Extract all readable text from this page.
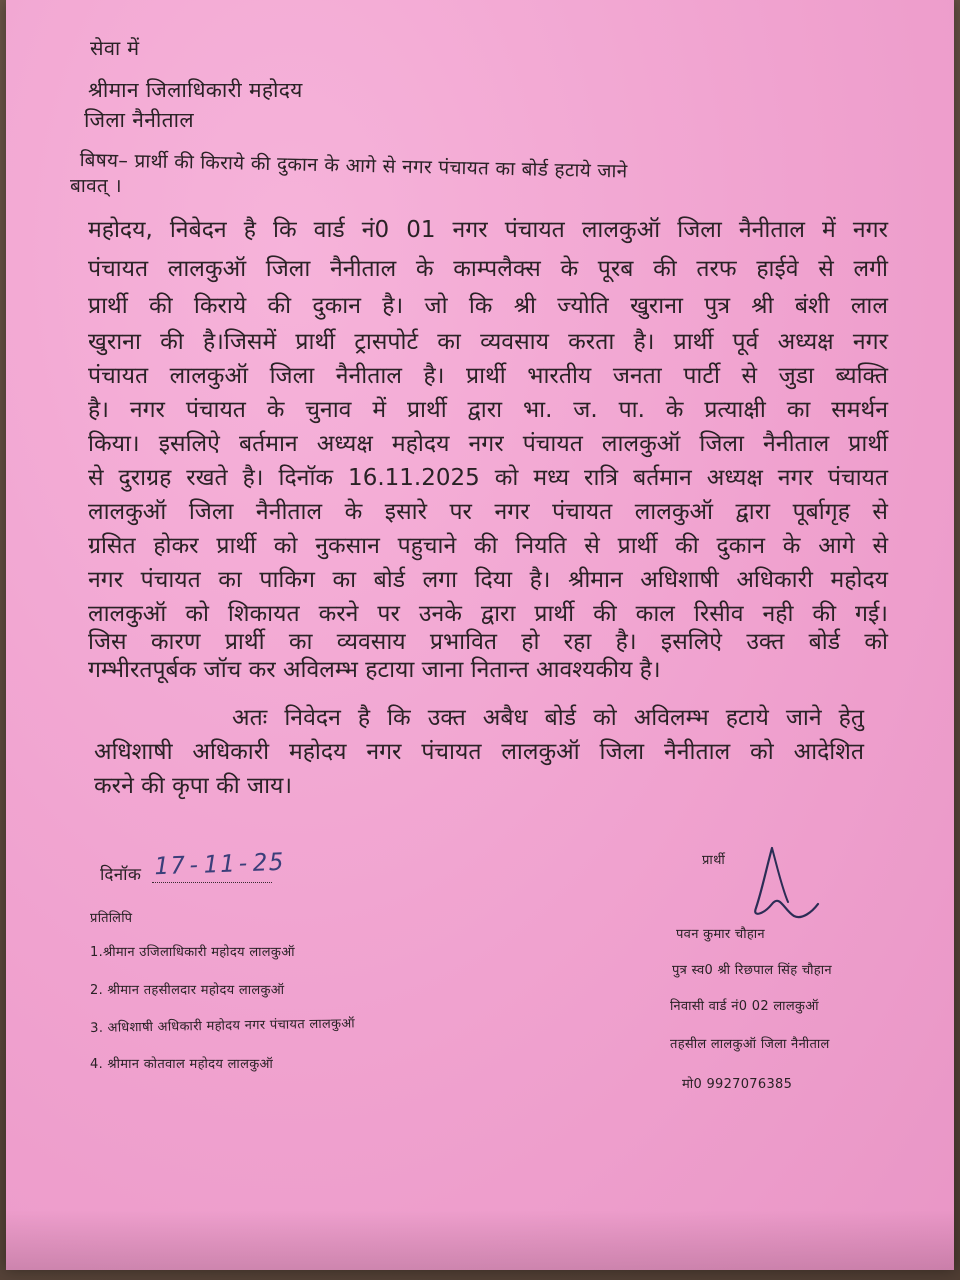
सेवा में
श्रीमान जिलाधिकारी महोदय
जिला नैनीताल
बिषय– प्रार्थी की किराये की दुकान के आगे से नगर पंचायत का बोर्ड हटाये जाने
बावत् ।
महोदय, निबेदन है कि वार्ड नं0 01 नगर पंचायत लालकुऑ जिला नैनीताल में नगर
पंचायत लालकुऑ जिला नैनीताल के काम्पलैक्स के पूरब की तरफ हाईवे से लगी
प्रार्थी की किराये की दुकान है। जो कि श्री ज्योति खुराना पुत्र श्री बंशी लाल
खुराना की है।जिसमें प्रार्थी ट्रासपोर्ट का व्यवसाय करता है। प्रार्थी पूर्व अध्यक्ष नगर
पंचायत लालकुऑ जिला नैनीताल है। प्रार्थी भारतीय जनता पार्टी से जुडा ब्यक्ति
है। नगर पंचायत के चुनाव में प्रार्थी द्वारा भा. ज. पा. के प्रत्याक्षी का समर्थन
किया। इसलिऐ बर्तमान अध्यक्ष महोदय नगर पंचायत लालकुऑ जिला नैनीताल प्रार्थी
से दुराग्रह रखते है। दिनॉक 16.11.2025 को मध्य रात्रि बर्तमान अध्यक्ष नगर पंचायत
लालकुऑ जिला नैनीताल के इसारे पर नगर पंचायत लालकुऑ द्वारा पूर्बागृह से
ग्रसित होकर प्रार्थी को नुकसान पहुचाने की नियति से प्रार्थी की दुकान के आगे से
नगर पंचायत का पाकिग का बोर्ड लगा दिया है। श्रीमान अधिशाषी अधिकारी महोदय
लालकुऑ को शिकायत करने पर उनके द्वारा प्रार्थी की काल रिसीव नही की गई।
जिस कारण प्रार्थी का व्यवसाय प्रभावित हो रहा है। इसलिऐ उक्त बोर्ड को
गम्भीरतपूर्बक जॉच कर अविलम्भ हटाया जाना नितान्त आवश्यकीय है।
अतः निवेदन है कि उक्त अबैध बोर्ड को अविलम्भ हटाये जाने हेतु
अधिशाषी अधिकारी महोदय नगर पंचायत लालकुऑ जिला नैनीताल को आदेशित
करने की कृपा की जाय।
दिनॉक 17-11-25
प्रतिलिपि
1.श्रीमान उजिलाधिकारी महोदय लालकुऑ
2. श्रीमान तहसीलदार महोदय लालकुऑ
3. अधिशाषी अधिकारी महोदय नगर पंचायत लालकुऑ
4. श्रीमान कोतवाल महोदय लालकुऑ
प्रार्थी
पवन कुमार चौहान
पुत्र स्व0 श्री रिछपाल सिंह चौहान
निवासी वार्ड नं0 02 लालकुऑ
तहसील लालकुऑ जिला नैनीताल
मो0 9927076385
